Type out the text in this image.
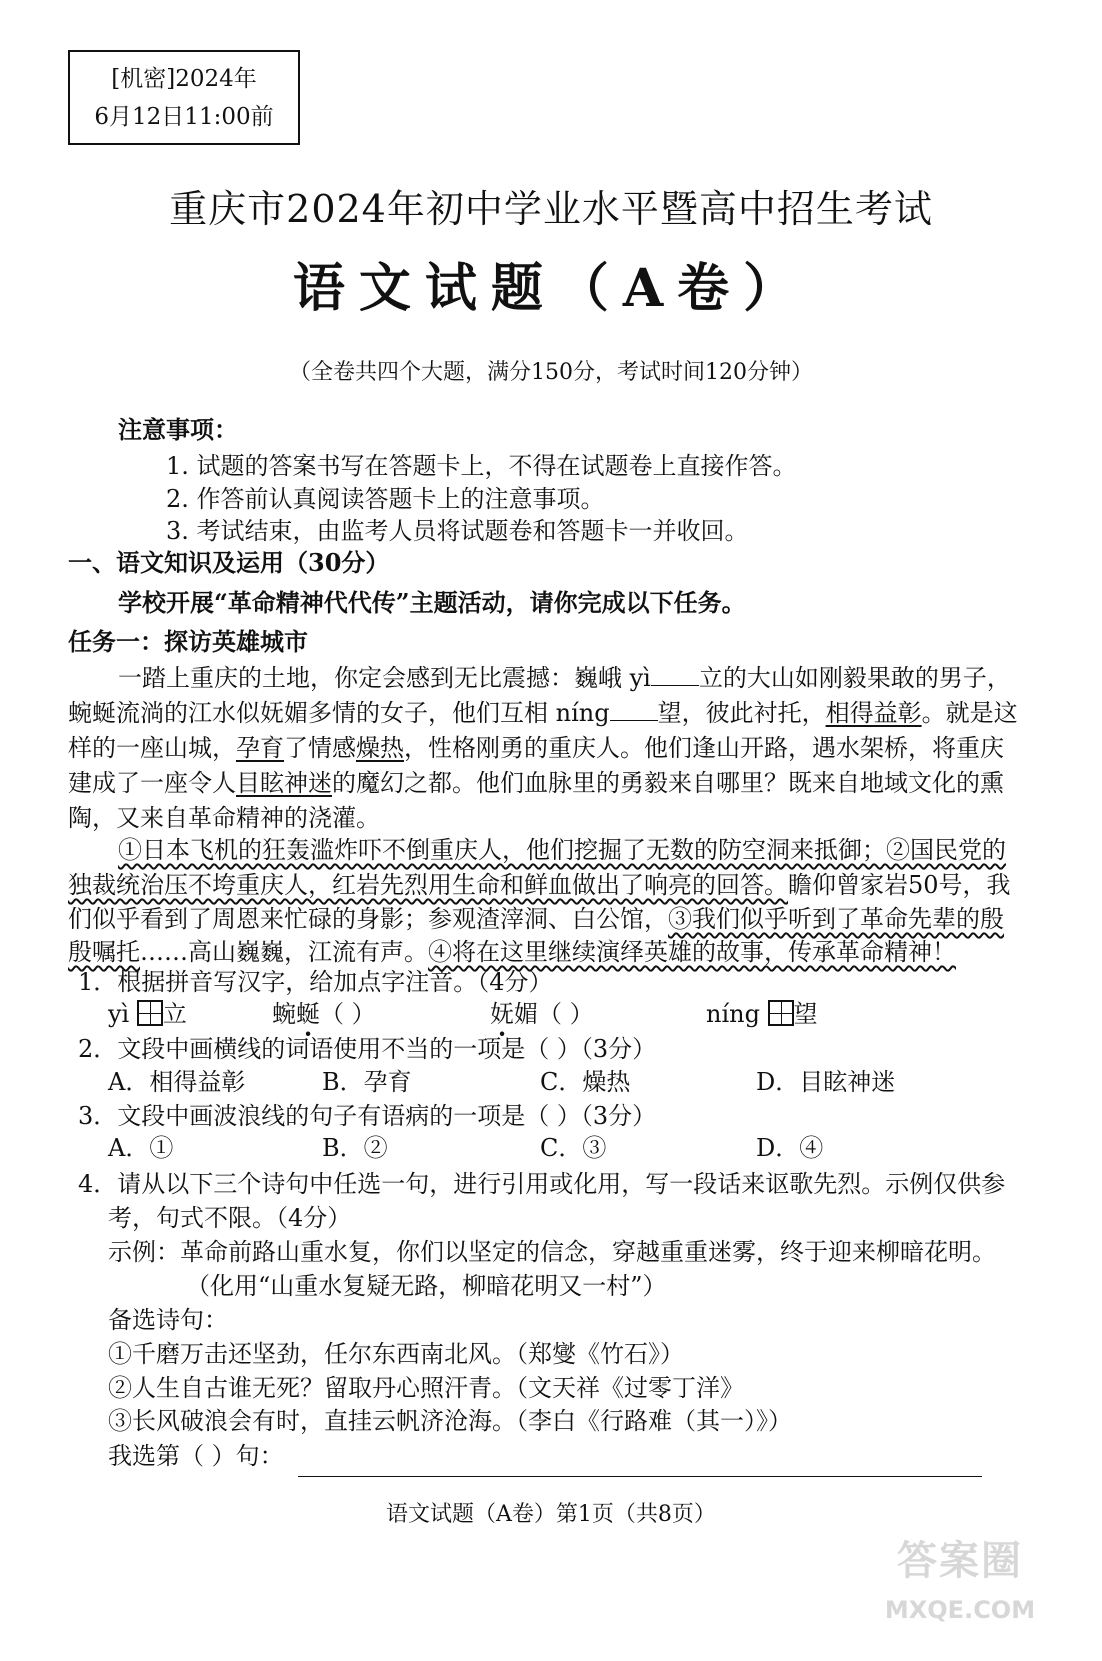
[机密]2024年
6月12日11:00前
重庆市2024年初中学业水平暨高中招生考试
语文试题（A卷）
（全卷共四个大题，满分150分，考试时间120分钟）
注意事项：
1. 试题的答案书写在答题卡上，不得在试题卷上直接作答。
2. 作答前认真阅读答题卡上的注意事项。
3. 考试结束，由监考人员将试题卷和答题卡一并收回。
一、语文知识及运用（30分）
学校开展“革命精神代代传”主题活动，请你完成以下任务。
任务一：探访英雄城市
一踏上重庆的土地，你定会感到无比震撼：巍峨 yì 立的大山如刚毅果敢的男子，
蜿蜒流淌的江水似妩媚多情的女子，他们互相 níng 望，彼此衬托，相得益彰。就是这
样的一座山城，孕育了情感燥热，性格刚勇的重庆人。他们逢山开路，遇水架桥，将重庆
建成了一座令人目眩神迷的魔幻之都。他们血脉里的勇毅来自哪里？既来自地域文化的熏
陶，又来自革命精神的浇灌。
①日本飞机的狂轰滥炸吓不倒重庆人，他们挖掘了无数的防空洞来抵御；②国民党的
独裁统治压不垮重庆人，红岩先烈用生命和鲜血做出了响亮的回答。瞻仰曾家岩50号，我
们似乎看到了周恩来忙碌的身影；参观渣滓洞、白公馆，③我们似乎听到了革命先辈的殷
殷嘱托……高山巍巍，江流有声。④将在这里继续演绎英雄的故事，传承革命精神！
1．根据拼音写汉字，给加点字注音。（4分）
yì 立	蜿蜒（ ）	妩媚（ ）	níng 望
2．文段中画横线的词语使用不当的一项是（ ）（3分）
A．相得益彰	B．孕育	C．燥热	D．目眩神迷
3．文段中画波浪线的句子有语病的一项是（ ）（3分）
A．①	B．②	C．③	D．④
4．请从以下三个诗句中任选一句，进行引用或化用，写一段话来讴歌先烈。示例仅供参
考，句式不限。（4分）
示例：革命前路山重水复，你们以坚定的信念，穿越重重迷雾，终于迎来柳暗花明。
（化用“山重水复疑无路，柳暗花明又一村”）
备选诗句：
①千磨万击还坚劲，任尔东西南北风。（郑燮《竹石》）
②人生自古谁无死？留取丹心照汗青。（文天祥《过零丁洋》
③长风破浪会有时，直挂云帆济沧海。（李白《行路难（其一）》）
我选第（ ）句：
语文试题（A卷）第1页（共8页）
答案圈
MXQE.COM
